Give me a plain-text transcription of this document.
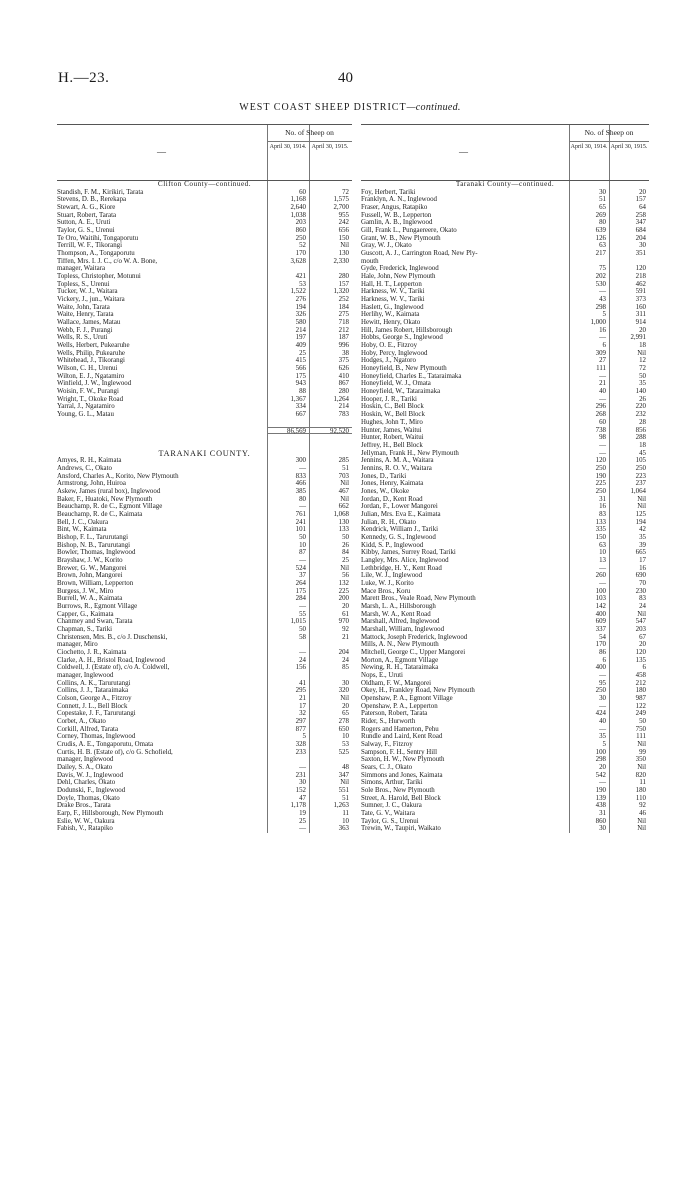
H.—23.	40
WEST COAST SHEEP DISTRICT—continued.
—
No. of Sheep on
April 30, 1914. April 30, 1915.
Clifton County—continued.
Standish, F. M., Kirikiri, Tarata	60	72
Stevens, D. B., Rerekapa	1,168	1,575
Stewart, A. G., Kiore	2,640	2,700
Stuart, Robert, Tarata	1,038	955
Sutton, A. E., Uruti	203	242
Taylor, G. S., Urenui	860	656
Te Oro, Waitihi, Tongaporutu	250	150
Terrill, W. F., Tikorangi	52	Nil
Thompson, A., Tongaporutu	170	130
Tiffen, Mrs. I. J. C., c/o W. A. Bone,	3,628	2,330
manager, Waitara
Topless, Christopher, Motunui	421	280
Topless, S., Urenui	53	157
Tucker, W. J., Waitara	1,522	1,320
Vickery, J., jun., Waitara	276	252
Waite, John, Tarata	194	184
Waite, Henry, Tarata	326	275
Wallace, James, Matau	580	718
Webb, F. J., Purangi	214	212
Wells, R. S., Uruti	197	187
Wells, Herbert, Pukearuhe	409	996
Wells, Philip, Pukearuhe	25	38
Whitehead, J., Tikorangi	415	375
Wilson, C. H., Urenui	566	626
Wilton, E. J., Ngatamiro	175	410
Winfield, J. W., Inglewood	943	867
Woisin, F. W., Purangi	88	280
Wright, T., Okoke Road	1,367	1,264
Yarral, J., Ngatamiro	334	214
Young, G. L., Matau	667	783
86,569	92,520
TARANAKI COUNTY.
Amyes, R. H., Kaimata	300	285
Andrews, C., Okato	—	51
Ansford, Charles A., Korito, New Plymouth	833	703
Armstrong, John, Huiroa	466	Nil
Askew, James (rural box), Inglewood	385	467
Baker, F., Huatoki, New Plymouth	80	Nil
Beauchamp, R. de C., Egmont Village	—	662
Beauchamp, R. de C., Kaimata	761	1,068
Bell, J. C., Oakura	241	130
Bint, W., Kaimata	101	133
Bishop, F. L., Tarurutangi	50	50
Bishop, N. B., Tarurutangi	10	26
Bowler, Thomas, Inglewood	87	84
Brayshaw, J. W., Korito	—	25
Brewer, G. W., Mangorei	524	Nil
Brown, John, Mangorei	37	56
Brown, William, Lepperton	264	132
Burgess, J. W., Miro	175	225
Burrell, W. A., Kaimata	284	200
Burrows, R., Egmont Village	—	20
Capper, G., Kaimata	55	61
Chanmey and Swan, Tarata	1,015	970
Chapman, S., Tariki	50	92
Christensen, Mrs. B., c/o J. Duschenski,	58	21
manager, Miro
Ciochetto, J. R., Kaimata	—	204
Clarke, A. H., Bristol Road, Inglewood	24	24
Coldwell, J. (Estate of), c/o A. Coldwell,	156	85
manager, Inglewood
Collins, A. K., Tarurutangi	41	30
Collins, J. J., Tataraimaka	295	320
Colson, George A., Fitzroy	21	Nil
Connett, J. L., Bell Block	17	20
Copestake, J. F., Tarurutangi	32	65
Corbet, A., Okato	297	278
Corkill, Alfred, Tarata	877	650
Corney, Thomas, Inglewood	5	10
Crudis, A. E., Tongaporutu, Omata	328	53
Curtis, H. B. (Estate of), c/o G. Schofield,	233	525
manager, Inglewood
Dailey, S. A., Okato	—	48
Davis, W. J., Inglewood	231	347
Dehl, Charles, Okato	30	Nil
Dodunski, F., Inglewood	152	551
Doyle, Thomas, Okato	47	51
Drake Bros., Tarata	1,178	1,263
Earp, F., Hillsborough, New Plymouth	19	11
Eslie, W. W., Oakura	25	10
Fabish, V., Ratapiko	—	363
—
No. of Sheep on
April 30, 1914. April 30, 1915.
Taranaki County—continued.
Foy, Herbert, Tariki	30	20
Franklyn, A. N., Inglewood	51	157
Fraser, Angus, Ratapiko	65	64
Fussell, W. B., Lepperton	269	258
Gamlin, A. B., Inglewood	80	347
Gill, Frank L., Pungaereere, Okato	639	684
Grant, W. B., New Plymouth	126	204
Gray, W. J., Okato	63	30
Guscott, A. J., Carrington Road, New Ply-	217	351
mouth
Gyde, Frederick, Inglewood	75	120
Hale, John, New Plymouth	202	218
Hall, H. T., Lepperton	530	462
Harkness, W. V., Tariki	—	591
Harkness, W. V., Tariki	43	373
Haslett, G., Inglewood	298	160
Herlihy, W., Kaimata	5	311
Hewitt, Henry, Okato	1,000	914
Hill, James Robert, Hillsborough	16	20
Hobbs, George S., Inglewood	—	2,991
Hoby, O. E., Fitzroy	6	18
Hoby, Percy, Inglewood	309	Nil
Hodges, J., Ngatoro	27	12
Honeyfield, B., New Plymouth	111	72
Honeyfield, Charles E., Tataraimaka	—	50
Honeyfield, W. J., Omata	21	35
Honeyfield, W., Tataraimaka	40	140
Hooper, J. R., Tariki	—	26
Hoskin, C., Bell Block	296	220
Hoskin, W., Bell Block	268	232
Hughes, John T., Miro	60	28
Hunter, James, Waitui	738	856
Hunter, Robert, Waitui	98	288
Jeffrey, H., Bell Block	—	18
Jellyman, Frank H., New Plymouth	—	45
Jennins, A. M. A., Waitara	120	105
Jennins, R. O. V., Waitara	250	250
Jones, D., Tariki	190	223
Jones, Henry, Kaimata	225	237
Jones, W., Okoke	250	1,064
Jordan, D., Kent Road	31	Nil
Jordan, F., Lower Mangorei	16	Nil
Julian, Mrs. Eva E., Kaimata	83	125
Julian, R. H., Okato	133	194
Kendrick, William J., Tariki	335	42
Kennedy, G. S., Inglewood	150	35
Kidd, S. P., Inglewood	63	39
Kibby, James, Surrey Road, Tariki	10	665
Langley, Mrs. Alice, Inglewood	13	17
Lethbridge, H. Y., Kent Road	—	16
Lile, W. J., Inglewood	260	690
Luke, W. J., Korito	—	70
Mace Bros., Koru	100	230
Marett Bros., Veale Road, New Plymouth	103	83
Marsh, L. A., Hillsborough	142	24
Marsh, W. A., Kent Road	400	Nil
Marshall, Alfred, Inglewood	609	547
Marshall, William, Inglewood	337	203
Mattock, Joseph Frederick, Inglewood	54	67
Mills, A. N., New Plymouth	170	20
Mitchell, George C., Upper Mangorei	86	120
Morton, A., Egmont Village	6	135
Newing, R. H., Tataraimaka	400	6
Nops, E., Uruti	—	458
Oldham, F. W., Mangorei	95	212
Okey, H., Frankley Road, New Plymouth	250	180
Openshaw, P. A., Egmont Village	30	987
Openshaw, P. A., Lepperton	—	122
Paterson, Robert, Tarata	424	249
Rider, S., Hurworth	40	50
Rogers and Hamerton, Pehu	—	750
Rundle and Laird, Kent Road	35	111
Salway, F., Fitzroy	5	Nil
Sampson, F. H., Sentry Hill	100	99
Saxton, H. W., New Plymouth	298	350
Sears, C. J., Okato	20	Nil
Simmons and Jones, Kaimata	542	820
Simons, Arthur, Tariki	—	11
Sole Bros., New Plymouth	190	180
Street, A. Harold, Bell Block	139	110
Sumner, J. C., Oakura	438	92
Tate, G. V., Waitara	31	46
Taylor, G. S., Urenui	860	Nil
Trewin, W., Taupiri, Waikato	30	Nil
